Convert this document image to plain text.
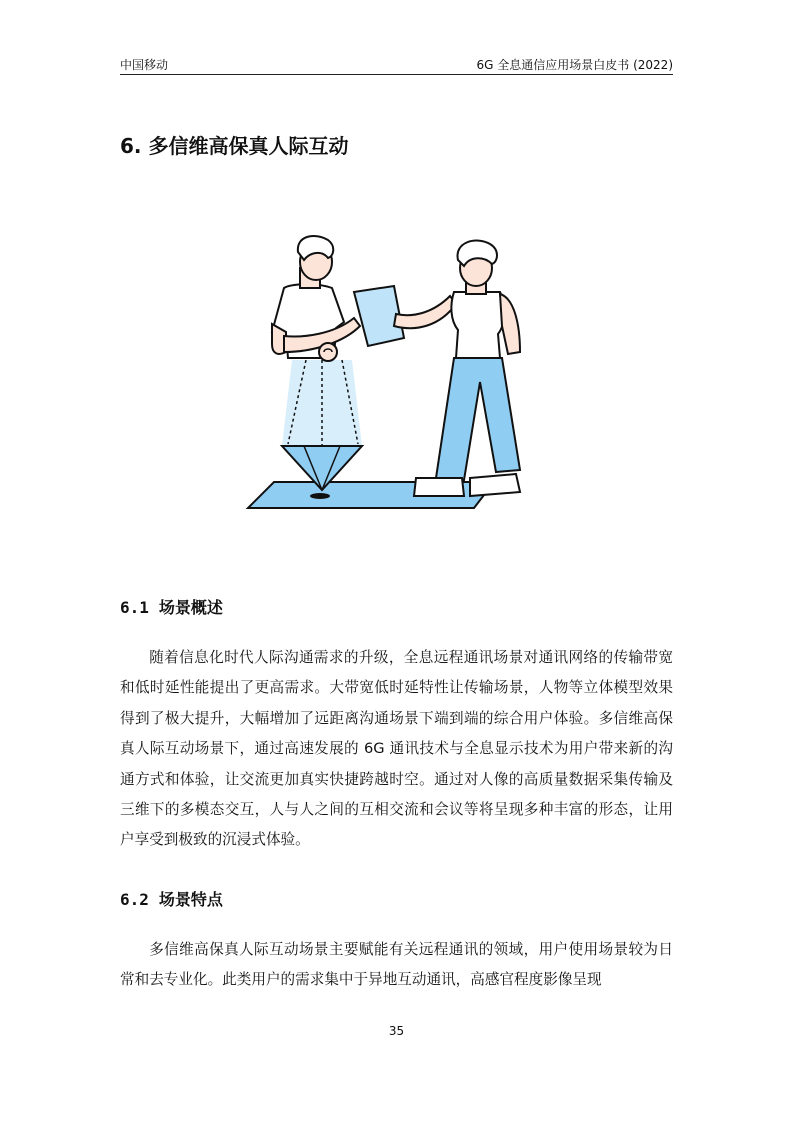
中国移动	6G 全息通信应用场景白皮书 (2022)
6. 多信维高保真人际互动
6.1 场景概述

随着信息化时代人际沟通需求的升级，全息远程通讯场景对通讯网络的传输带宽和低时延性能提出了更高需求。大带宽低时延特性让传输场景，人物等立体模型效果得到了极大提升，大幅增加了远距离沟通场景下端到端的综合用户体验。多信维高保真人际互动场景下，通过高速发展的 6G 通讯技术与全息显示技术为用户带来新的沟通方式和体验，让交流更加真实快捷跨越时空。通过对人像的高质量数据采集传输及三维下的多模态交互，人与人之间的互相交流和会议等将呈现多种丰富的形态，让用户享受到极致的沉浸式体验。

6.2 场景特点

多信维高保真人际互动场景主要赋能有关远程通讯的领域，用户使用场景较为日常和去专业化。此类用户的需求集中于异地互动通讯，高感官程度影像呈现

35
